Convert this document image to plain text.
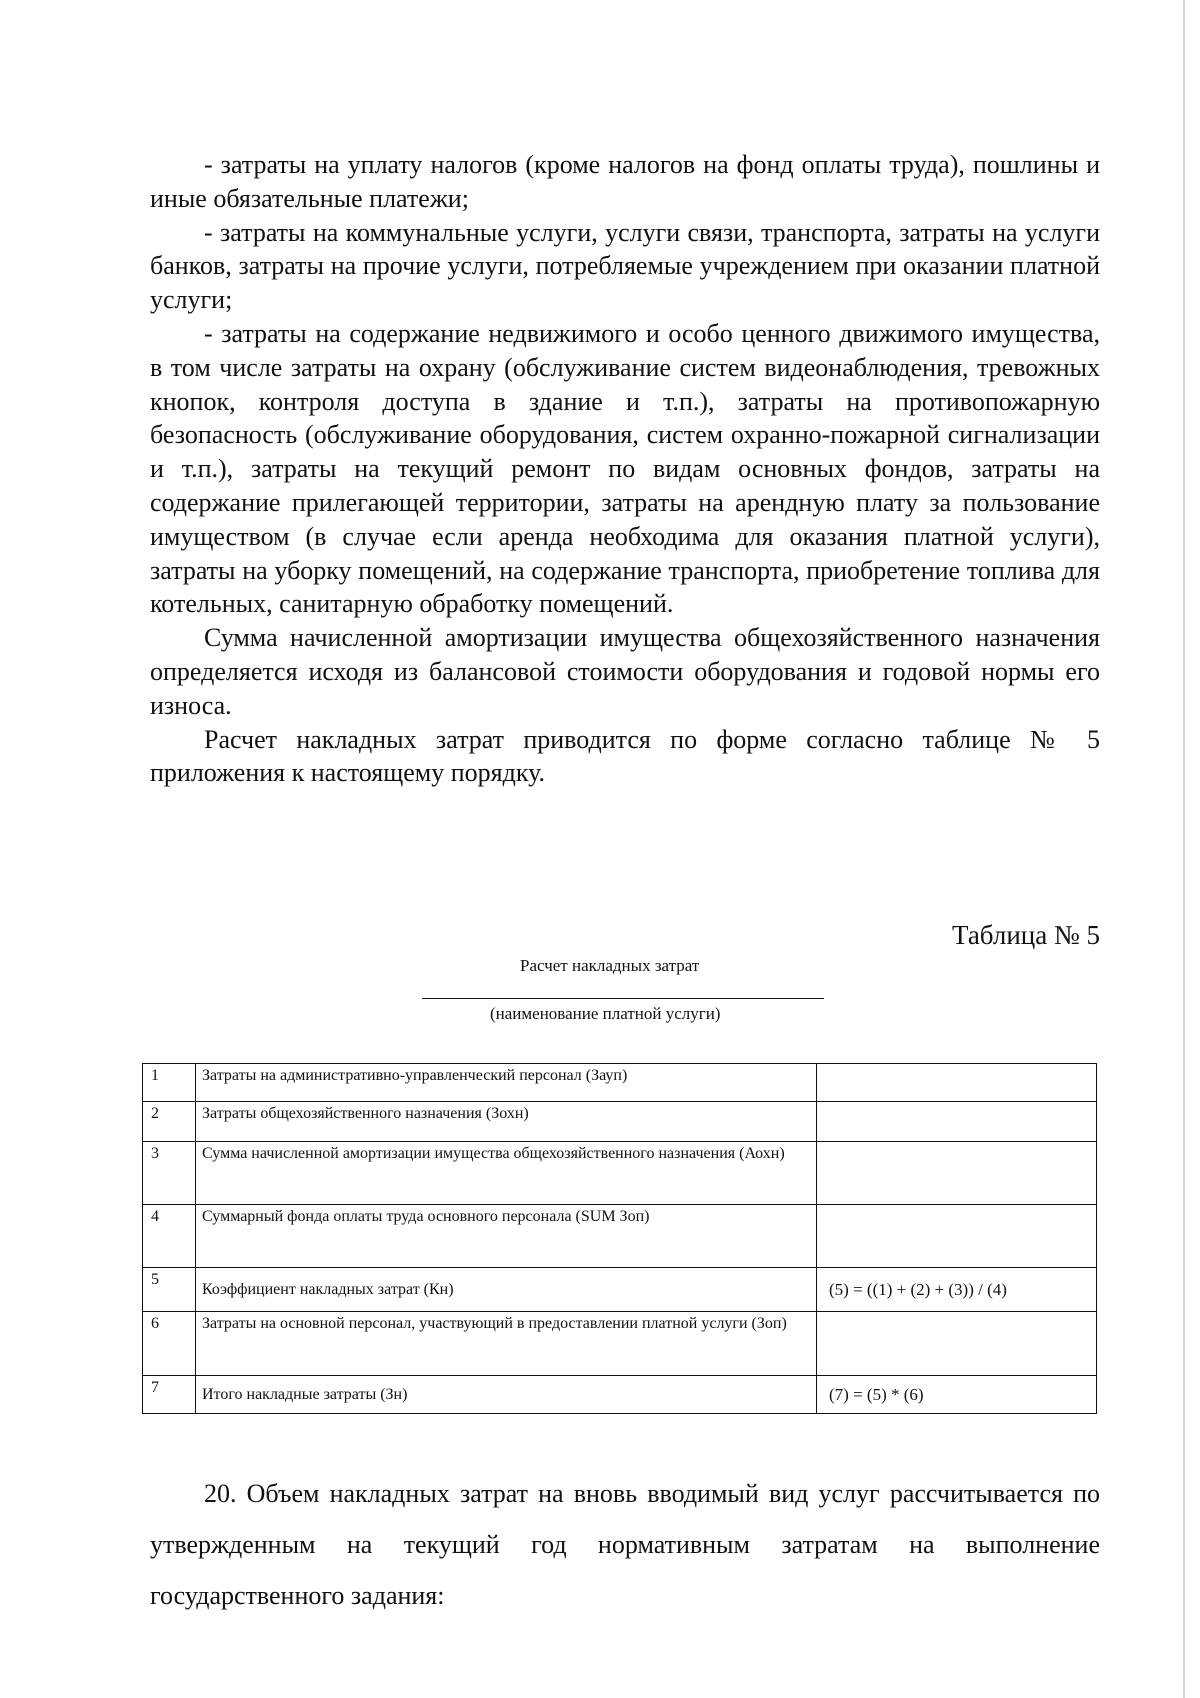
- затраты на уплату налогов (кроме налогов на фонд оплаты труда), пошлины и иные обязательные платежи;

- затраты на коммунальные услуги, услуги связи, транспорта, затраты на услуги банков, затраты на прочие услуги, потребляемые учреждением при оказании платной услуги;

- затраты на содержание недвижимого и особо ценного движимого имущества, в том числе затраты на охрану (обслуживание систем видеонаблюдения, тревожных кнопок, контроля доступа в здание и т.п.), затраты на противопожарную безопасность (обслуживание оборудования, систем охранно-пожарной сигнализации и т.п.), затраты на текущий ремонт по видам основных фондов, затраты на содержание прилегающей территории, затраты на арендную плату за пользование имуществом (в случае если аренда необходима для оказания платной услуги), затраты на уборку помещений, на содержание транспорта, приобретение топлива для котельных, санитарную обработку помещений.

Сумма начисленной амортизации имущества общехозяйственного назначения определяется исходя из балансовой стоимости оборудования и годовой нормы его износа.

Расчет накладных затрат приводится по форме согласно таблице № 5 приложения к настоящему порядку.

Таблица № 5
Расчет накладных затрат
(наименование платной услуги)
1	Затраты на административно-управленческий персонал (Зауп)	
2	Затраты общехозяйственного назначения (Зохн)	
3	Сумма начисленной амортизации имущества общехозяйственного назначения (Аохн)	
4	Суммарный фонда оплаты труда основного персонала (SUM Зоп)	
5	Коэффициент накладных затрат (Кн)	(5) = ((1) + (2) + (3)) / (4)
6	Затраты на основной персонал, участвующий в предоставлении платной услуги (Зоп)	
7	Итого накладные затраты (Зн)	(7) = (5) * (6)

20. Объем накладных затрат на вновь вводимый вид услуг рассчитывается по утвержденным на текущий год нормативным затратам на выполнение государственного задания:
